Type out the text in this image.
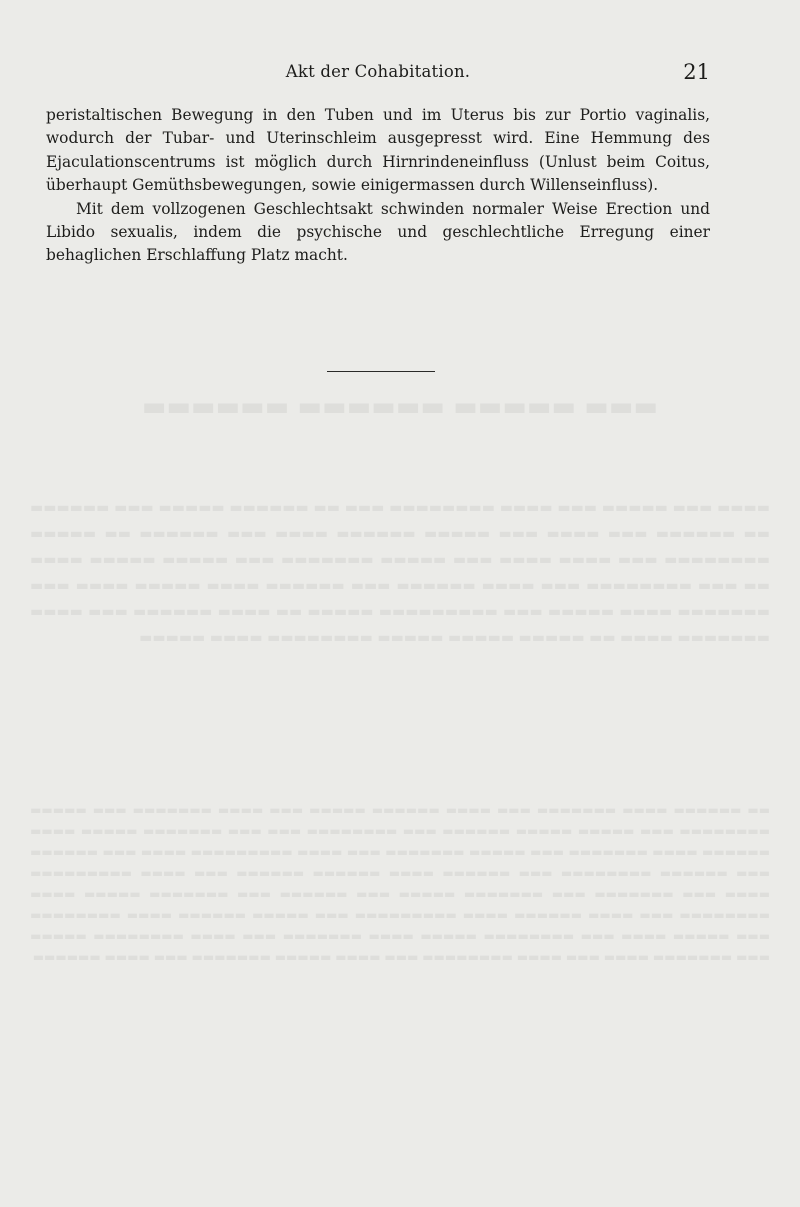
▬▬▬ ▬▬▬▬▬ ▬▬▬▬▬▬ ▬▬▬▬▬▬
▬▬▬▬ ▬▬▬ ▬▬▬▬▬ ▬▬▬ ▬▬▬▬ ▬▬▬▬▬▬▬▬ ▬▬▬ ▬▬ ▬▬▬▬▬▬ ▬▬▬▬▬ ▬▬▬ ▬▬▬▬▬▬ ▬▬ ▬▬▬▬▬▬ ▬▬▬ ▬▬▬▬ ▬▬▬ ▬▬▬▬▬ ▬▬▬▬▬▬ ▬▬▬▬ ▬▬▬ ▬▬▬▬▬▬ ▬▬ ▬▬▬▬▬ ▬▬▬▬▬▬▬▬ ▬▬▬ ▬▬▬▬ ▬▬▬▬ ▬▬▬ ▬▬▬▬▬ ▬▬▬▬▬▬▬ ▬▬▬ ▬▬▬▬▬ ▬▬▬▬▬ ▬▬▬▬ ▬▬ ▬▬▬ ▬▬▬▬▬▬▬▬ ▬▬▬ ▬▬▬▬ ▬▬▬▬▬▬ ▬▬▬ ▬▬▬▬▬▬ ▬▬▬▬ ▬▬▬▬▬ ▬▬▬▬ ▬▬▬ ▬▬▬▬▬▬▬ ▬▬▬▬ ▬▬▬▬▬ ▬▬▬ ▬▬▬▬▬▬▬▬▬ ▬▬▬▬▬ ▬▬ ▬▬▬▬ ▬▬▬▬▬▬ ▬▬▬ ▬▬▬▬ ▬▬▬▬▬▬▬ ▬▬▬▬ ▬▬ ▬▬▬▬▬ ▬▬▬▬▬ ▬▬▬▬▬ ▬▬▬▬▬▬▬▬ ▬▬▬▬ ▬▬▬▬▬
▬▬ ▬▬▬▬▬▬ ▬▬▬▬ ▬▬▬▬▬▬▬ ▬▬▬ ▬▬▬▬ ▬▬▬▬▬▬ ▬▬▬▬▬ ▬▬▬ ▬▬▬▬ ▬▬▬▬▬▬▬ ▬▬▬ ▬▬▬▬▬ ▬▬▬▬▬▬▬▬ ▬▬▬ ▬▬▬▬▬ ▬▬▬▬▬ ▬▬▬▬▬▬ ▬▬▬ ▬▬▬▬▬▬▬▬ ▬▬▬ ▬▬▬ ▬▬▬▬▬▬▬ ▬▬▬▬▬ ▬▬▬▬ ▬▬▬▬▬▬ ▬▬▬▬ ▬▬▬▬▬▬▬ ▬▬▬ ▬▬▬▬▬ ▬▬▬▬▬▬▬ ▬▬▬ ▬▬▬▬ ▬▬▬▬▬▬▬▬▬ ▬▬▬▬ ▬▬▬ ▬▬▬▬▬▬ ▬▬▬ ▬▬▬▬▬▬ ▬▬▬▬▬▬▬▬ ▬▬▬ ▬▬▬▬▬▬ ▬▬▬▬ ▬▬▬▬▬▬ ▬▬▬▬▬▬ ▬▬▬ ▬▬▬▬ ▬▬▬▬▬▬▬▬▬ ▬▬▬▬ ▬▬▬ ▬▬▬▬▬▬▬ ▬▬▬ ▬▬▬▬▬▬▬ ▬▬▬▬▬ ▬▬▬ ▬▬▬▬▬▬ ▬▬▬ ▬▬▬▬▬▬▬ ▬▬▬▬▬ ▬▬▬▬ ▬▬▬▬▬▬▬▬ ▬▬▬ ▬▬▬▬ ▬▬▬▬▬▬ ▬▬▬▬ ▬▬▬▬▬▬▬▬▬ ▬▬▬ ▬▬▬▬▬ ▬▬▬▬▬▬ ▬▬▬▬ ▬▬▬▬▬▬▬▬ ▬▬▬ ▬▬▬▬▬ ▬▬▬▬ ▬▬▬ ▬▬▬▬▬▬▬▬ ▬▬▬▬▬ ▬▬▬▬ ▬▬▬▬▬▬▬ ▬▬▬ ▬▬▬▬ ▬▬▬▬▬▬▬▬ ▬▬▬▬▬ ▬▬▬ ▬▬▬▬▬▬▬ ▬▬▬▬ ▬▬▬ ▬▬▬▬ ▬▬▬▬▬▬▬▬ ▬▬▬ ▬▬▬▬ ▬▬▬▬▬ ▬▬▬▬▬▬▬ ▬▬▬ ▬▬▬▬ ▬▬▬▬▬▬
Akt der Cohabitation.	21

peristaltischen Bewegung in den Tuben und im Uterus bis zur Portio vaginalis, wodurch der Tubar- und Uterinschleim ausgepresst wird. Eine Hemmung des Ejaculationscentrums ist möglich durch Hirnrindeneinfluss (Unlust beim Coitus, überhaupt Gemüthsbewegungen, sowie einigermassen durch Willenseinfluss).

Mit dem vollzogenen Geschlechtsakt schwinden normaler Weise Erection und Libido sexualis, indem die psychische und geschlechtliche Erregung einer behaglichen Erschlaffung Platz macht.
